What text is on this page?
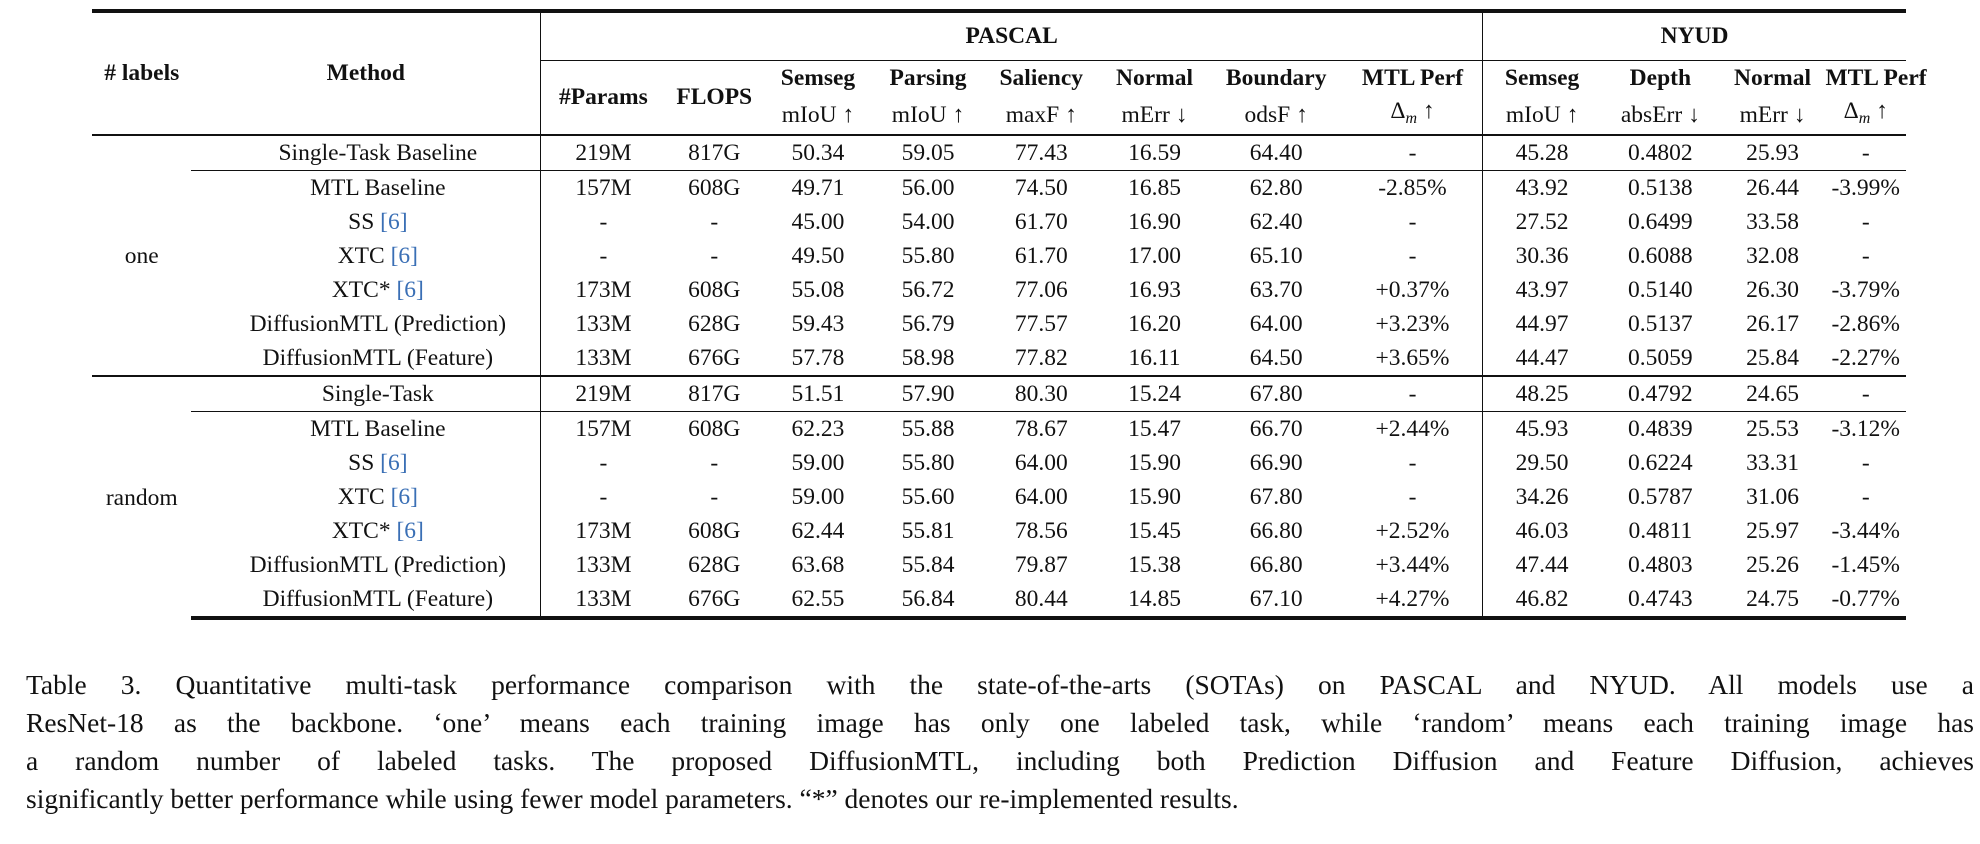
# labels	Method	PASCAL								NYUD			
		#Params	FLOPS	Semseg	Parsing	Saliency	Normal	Boundary	MTL Perf	Semseg	Depth	Normal	MTL Perf
				mIoU ↑	mIoU ↑	maxF ↑	mErr ↓	odsF ↑	$\Delta_m$ ↑	mIoU ↑	absErr ↓	mErr ↓	$\Delta_m$ ↑
one	Single-Task Baseline	219M	817G	50.34	59.05	77.43	16.59	64.40	-	45.28	0.4802	25.93	-
	MTL Baseline	157M	608G	49.71	56.00	74.50	16.85	62.80	-2.85%	43.92	0.5138	26.44	-3.99%
	SS [6]	-	-	45.00	54.00	61.70	16.90	62.40	-	27.52	0.6499	33.58	-
	XTC [6]	-	-	49.50	55.80	61.70	17.00	65.10	-	30.36	0.6088	32.08	-
	XTC* [6]	173M	608G	55.08	56.72	77.06	16.93	63.70	+0.37%	43.97	0.5140	26.30	-3.79%
	DiffusionMTL (Prediction)	133M	628G	59.43	56.79	77.57	16.20	64.00	+3.23%	44.97	0.5137	26.17	-2.86%
	DiffusionMTL (Feature)	133M	676G	57.78	58.98	77.82	16.11	64.50	+3.65%	44.47	0.5059	25.84	-2.27%
random	Single-Task	219M	817G	51.51	57.90	80.30	15.24	67.80	-	48.25	0.4792	24.65	-
	MTL Baseline	157M	608G	62.23	55.88	78.67	15.47	66.70	+2.44%	45.93	0.4839	25.53	-3.12%
	SS [6]	-	-	59.00	55.80	64.00	15.90	66.90	-	29.50	0.6224	33.31	-
	XTC [6]	-	-	59.00	55.60	64.00	15.90	67.80	-	34.26	0.5787	31.06	-
	XTC* [6]	173M	608G	62.44	55.81	78.56	15.45	66.80	+2.52%	46.03	0.4811	25.97	-3.44%
	DiffusionMTL (Prediction)	133M	628G	63.68	55.84	79.87	15.38	66.80	+3.44%	47.44	0.4803	25.26	-1.45%
	DiffusionMTL (Feature)	133M	676G	62.55	56.84	80.44	14.85	67.10	+4.27%	46.82	0.4743	24.75	-0.77%
Table 3. Quantitative multi-task performance comparison with the state-of-the-arts (SOTAs) on PASCAL and NYUD. All models use a
ResNet-18 as the backbone. ‘one’ means each training image has only one labeled task, while ‘random’ means each training image has
a random number of labeled tasks. The proposed DiffusionMTL, including both Prediction Diffusion and Feature Diffusion, achieves
significantly better performance while using fewer model parameters. “*” denotes our re-implemented results.
